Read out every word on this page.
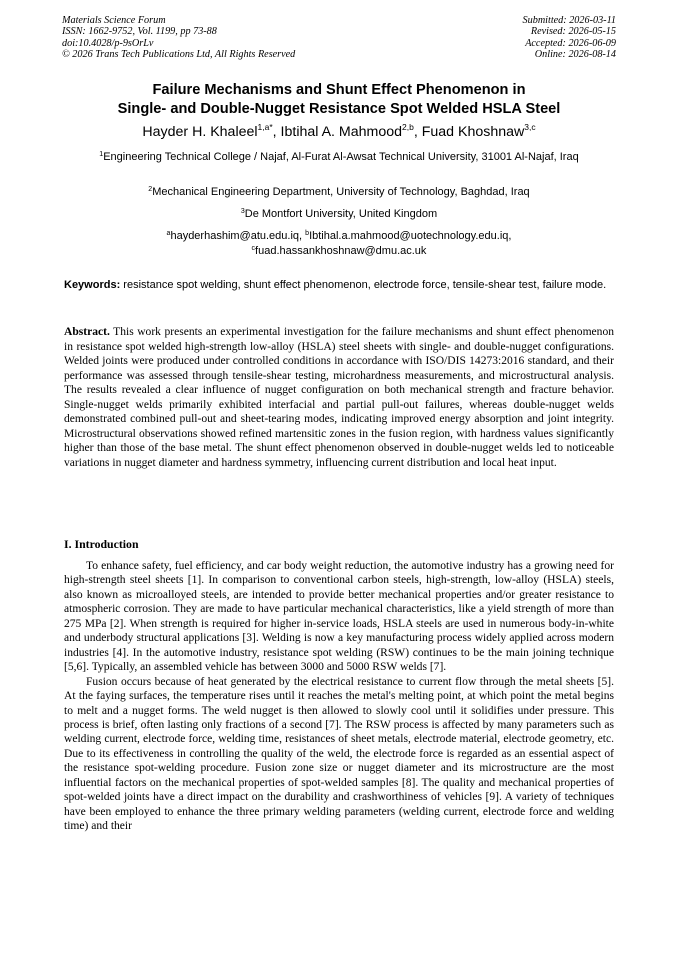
Materials Science Forum
ISSN: 1662-9752, Vol. 1199, pp 73-88
doi:10.4028/p-9sOrLv
© 2026 Trans Tech Publications Ltd, All Rights Reserved
Submitted: 2026-03-11
Revised: 2026-05-15
Accepted: 2026-06-09
Online: 2026-08-14
Failure Mechanisms and Shunt Effect Phenomenon in
Single- and Double-Nugget Resistance Spot Welded HSLA Steel
Hayder H. Khaleel$^{1,a*}$, Ibtihal A. Mahmood$^{2,b}$, Fuad Khoshnaw$^{3,c}$
$^1$Engineering Technical College / Najaf, Al-Furat Al-Awsat Technical University, 31001 Al-Najaf, Iraq
$^2$Mechanical Engineering Department, University of Technology, Baghdad, Iraq
$^3$De Montfort University, United Kingdom
$^a$hayderhashim@atu.edu.iq, $^b$Ibtihal.a.mahmood@uotechnology.edu.iq,
$^c$fuad.hassankhoshnaw@dmu.ac.uk
Keywords: resistance spot welding, shunt effect phenomenon, electrode force, tensile-shear test, failure mode.
Abstract. This work presents an experimental investigation for the failure mechanisms and shunt effect phenomenon in resistance spot welded high-strength low-alloy (HSLA) steel sheets with single- and double-nugget configurations. Welded joints were produced under controlled conditions in accordance with ISO/DIS 14273:2016 standard, and their performance was assessed through tensile-shear testing, microhardness measurements, and microstructural analysis. The results revealed a clear influence of nugget configuration on both mechanical strength and fracture behavior. Single-nugget welds primarily exhibited interfacial and partial pull-out failures, whereas double-nugget welds demonstrated combined pull-out and sheet-tearing modes, indicating improved energy absorption and joint integrity. Microstructural observations showed refined martensitic zones in the fusion region, with hardness values significantly higher than those of the base metal. The shunt effect phenomenon observed in double-nugget welds led to noticeable variations in nugget diameter and hardness symmetry, influencing current distribution and local heat input.
I. Introduction

To enhance safety, fuel efficiency, and car body weight reduction, the automotive industry has a growing need for high-strength steel sheets [1]. In comparison to conventional carbon steels, high-strength, low-alloy (HSLA) steels, also known as microalloyed steels, are intended to provide better mechanical properties and/or greater resistance to atmospheric corrosion. They are made to have particular mechanical characteristics, like a yield strength of more than 275 MPa [2]. When strength is required for higher in-service loads, HSLA steels are used in numerous body-in-white and underbody structural applications [3]. Welding is now a key manufacturing process widely applied across modern industries [4]. In the automotive industry, resistance spot welding (RSW) continues to be the main joining technique [5,6]. Typically, an assembled vehicle has between 3000 and 5000 RSW welds [7].

Fusion occurs because of heat generated by the electrical resistance to current flow through the metal sheets [5]. At the faying surfaces, the temperature rises until it reaches the metal's melting point, at which point the metal begins to melt and a nugget forms. The weld nugget is then allowed to slowly cool until it solidifies under pressure. This process is brief, often lasting only fractions of a second [7]. The RSW process is affected by many parameters such as welding current, electrode force, welding time, resistances of sheet metals, electrode material, electrode geometry, etc. Due to its effectiveness in controlling the quality of the weld, the electrode force is regarded as an essential aspect of the resistance spot-welding procedure. Fusion zone size or nugget diameter and its microstructure are the most influential factors on the mechanical properties of spot-welded samples [8]. The quality and mechanical properties of spot-welded joints have a direct impact on the durability and crashworthiness of vehicles [9]. A variety of techniques have been employed to enhance the three primary welding parameters (welding current, electrode force and welding time) and their
